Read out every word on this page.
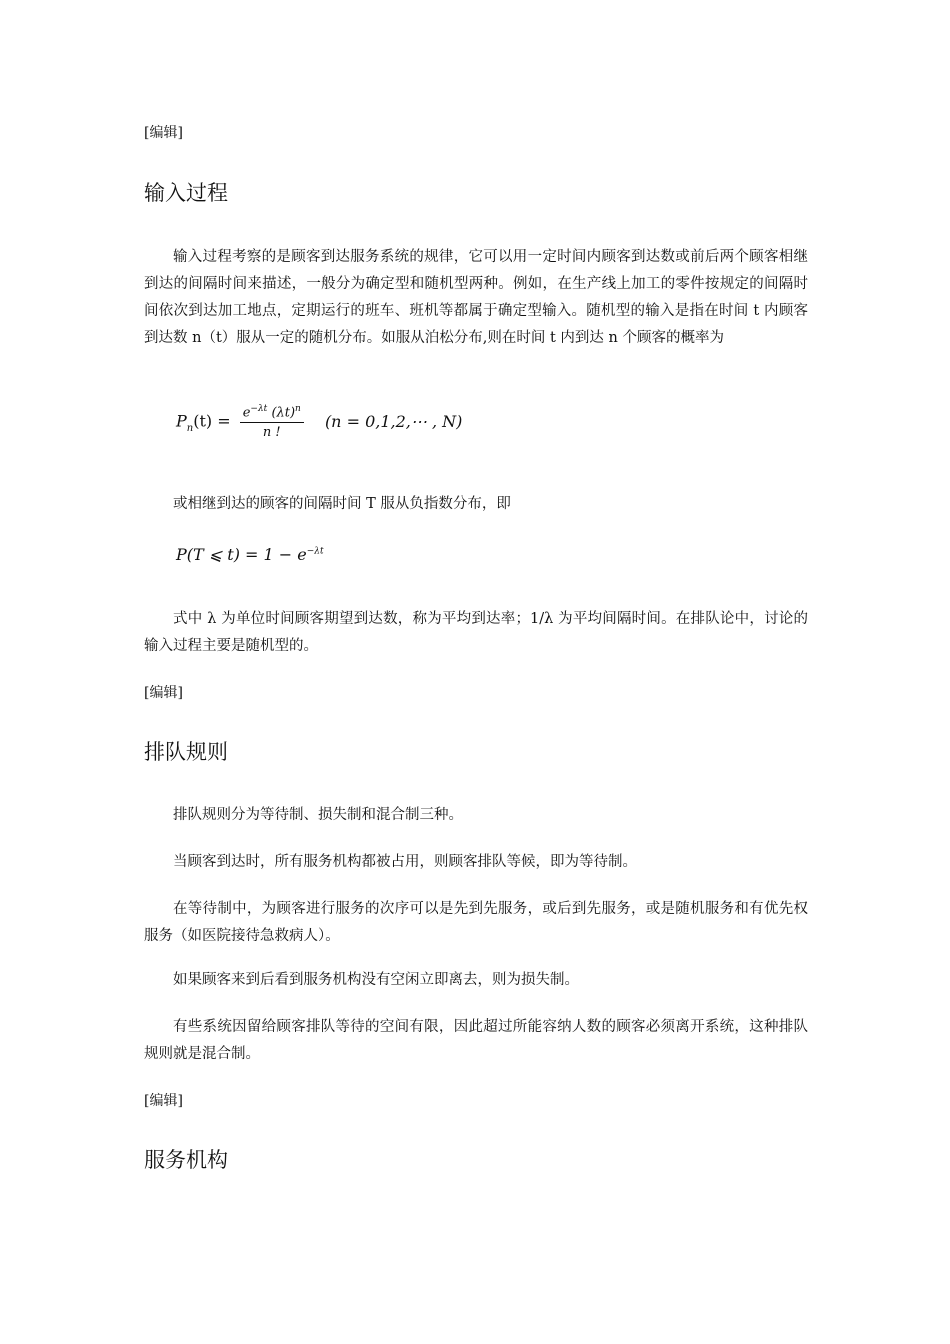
[编辑]
输入过程

输入过程考察的是顾客到达服务系统的规律，它可以用一定时间内顾客到达数或前后两个顾客相继到达的间隔时间来描述，一般分为确定型和随机型两种。例如，在生产线上加工的零件按规定的间隔时间依次到达加工地点，定期运行的班车、班机等都属于确定型输入。随机型的输入是指在时间 t 内顾客到达数 n（t）服从一定的随机分布。如服从泊松分布,则在时间 t 内到达 n 个顾客的概率为

$P_n(t) = \frac{e^{-\lambda t} (\lambda t)^n}{n !} (n$ = 0,1,2,⋯ , N)

或相继到达的顾客的间隔时间 T 服从负指数分布，即

P(T ⩽ $t) = 1 - e^{-\lambda t}$

式中 λ 为单位时间顾客期望到达数，称为平均到达率；1/λ 为平均间隔时间。在排队论中，讨论的输入过程主要是随机型的。

[编辑]
排队规则

排队规则分为等待制、损失制和混合制三种。

当顾客到达时，所有服务机构都被占用，则顾客排队等候，即为等待制。

在等待制中，为顾客进行服务的次序可以是先到先服务，或后到先服务，或是随机服务和有优先权服务（如医院接待急救病人）。

如果顾客来到后看到服务机构没有空闲立即离去，则为损失制。

有些系统因留给顾客排队等待的空间有限，因此超过所能容纳人数的顾客必须离开系统，这种排队规则就是混合制。

[编辑]
服务机构
